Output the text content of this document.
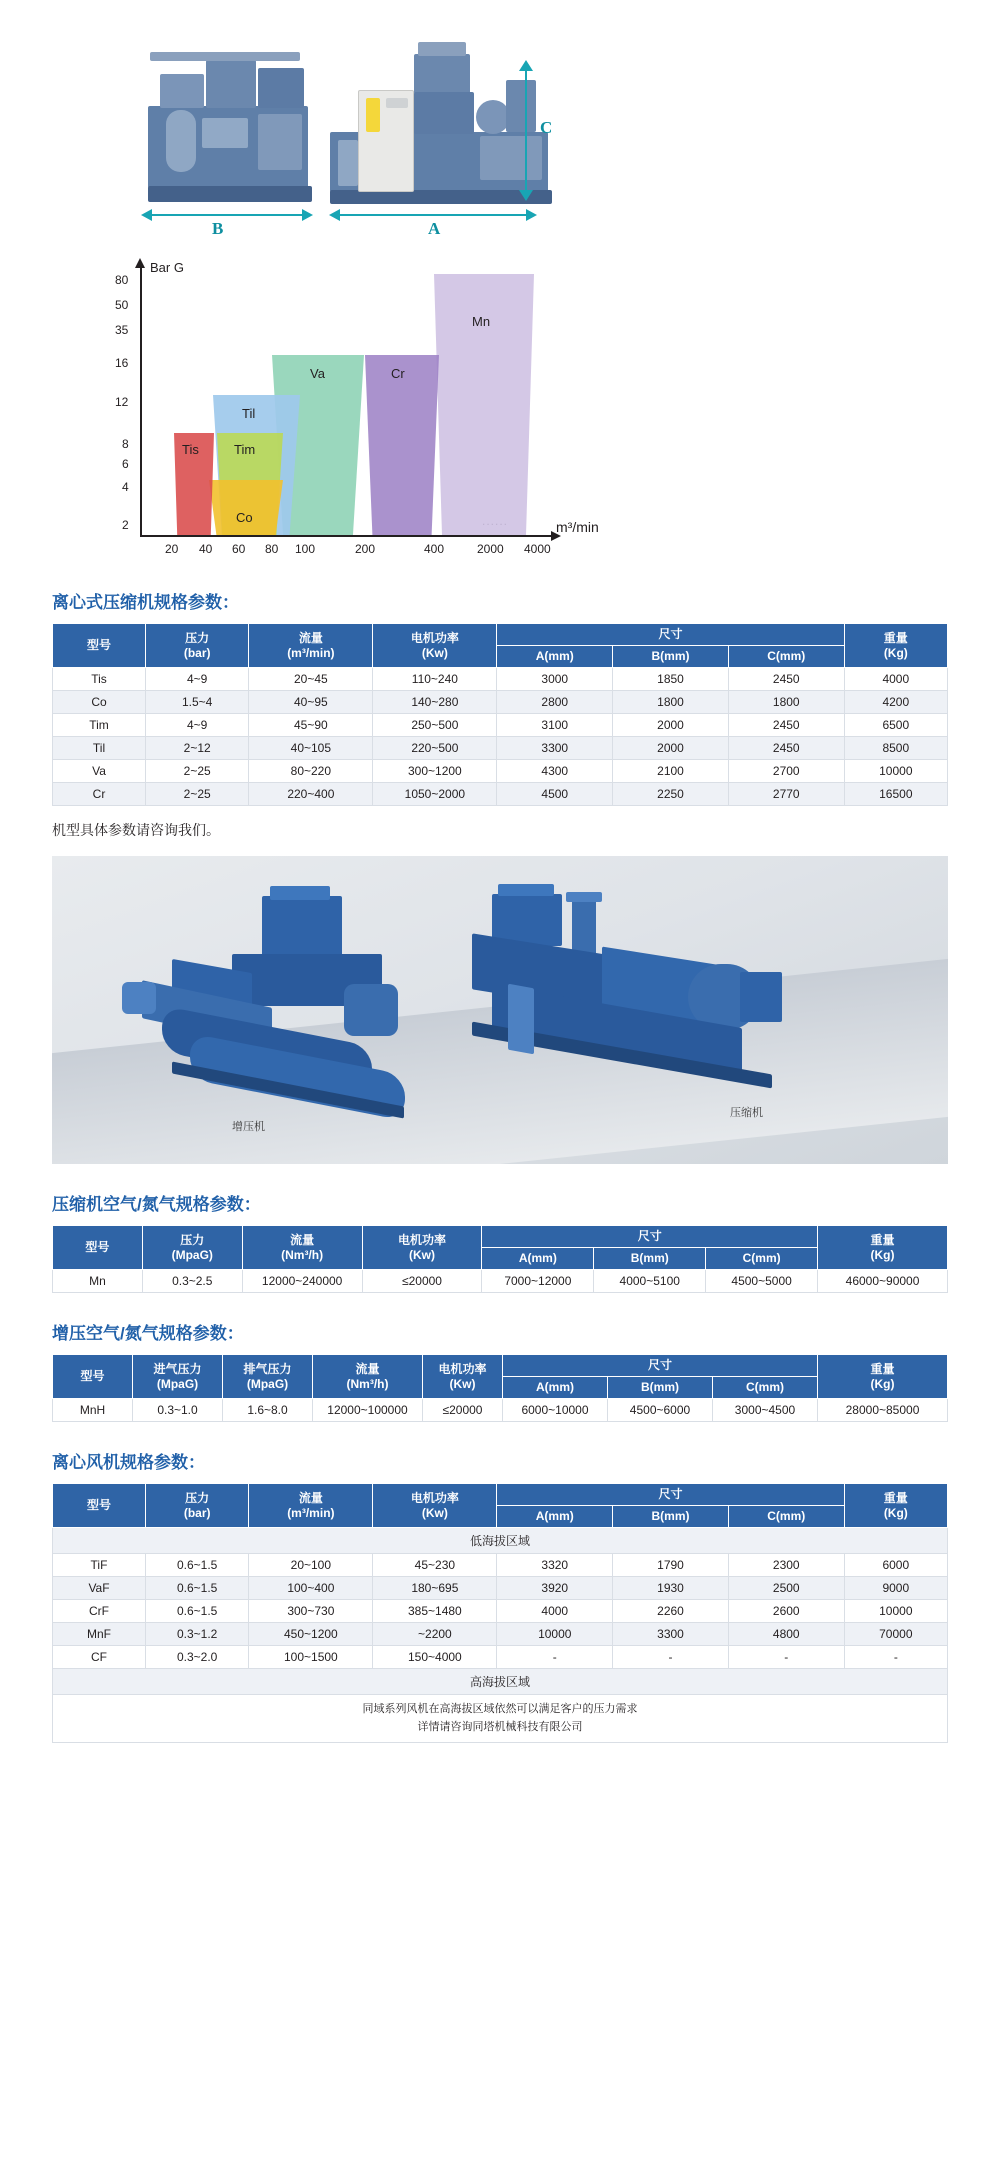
C
B	A
Bar G
m³/min
80
50
35
16
12
8
6
4
2
20 40 60 80 100	200	400	2000 4000
Mn
Cr
Va
Til
Tim
Co
Tis
离心式压缩机规格参数：
型号	
压力
(bar)

流量
(m³/min)

电机功率
(Kw)
	尺寸	重量
(Kg)

				A(mm)	B(mm)	C(mm)	
Tis	4~9	20~45	110~240	3000	1850	2450	4000
Co	1.5~4	40~95	140~280	2800	1800	1800	4200
Tim	4~9	45~90	250~500	3100	2000	2450	6500
Til	2~12	40~105	220~500	3300	2000	2450	8500
Va	2~25	80~220	300~1200	4300	2100	2700	10000
Cr	2~25	220~400	1050~2000	4500	2250	2770	16500

机型具体参数请咨询我们。

增压机
压缩机
压缩机空气/氮气规格参数：
型号	
压力
(MpaG)

流量
(Nm³/h)

电机功率
(Kw)
	尺寸	重量
(Kg)

				A(mm)	B(mm)	C(mm)	
Mn	0.3~2.5	12000~240000	≤20000	7000~12000	4000~5100	4500~5000	46000~90000
增压空气/氮气规格参数：
型号	
进气压力
(MpaG)

排气压力
(MpaG)

流量
(Nm³/h)

电机功率
(Kw)
	尺寸	重量
(Kg)

					A(mm)	B(mm)	C(mm)	
MnH	0.3~1.0	1.6~8.0	12000~100000	≤20000	6000~10000	4500~6000	3000~4500	28000~85000
离心风机规格参数：
型号	
压力
(bar)

流量
(m³/min)

电机功率
(Kw)
	尺寸	重量
(Kg)

				A(mm)	B(mm)	C(mm)	
低海拔区域							
TiF	0.6~1.5	20~100	45~230	3320	1790	2300	6000
VaF	0.6~1.5	100~400	180~695	3920	1930	2500	9000
CrF	0.6~1.5	300~730	385~1480	4000	2260	2600	10000
MnF	0.3~1.2	450~1200	~2200	10000	3300	4800	70000
CF	0.3~2.0	100~1500	150~4000	-	-	-	-
高海拔区域							

同域系列风机在高海拔区域依然可以满足客户的压力需求
详情请咨询同塔机械科技有限公司							
